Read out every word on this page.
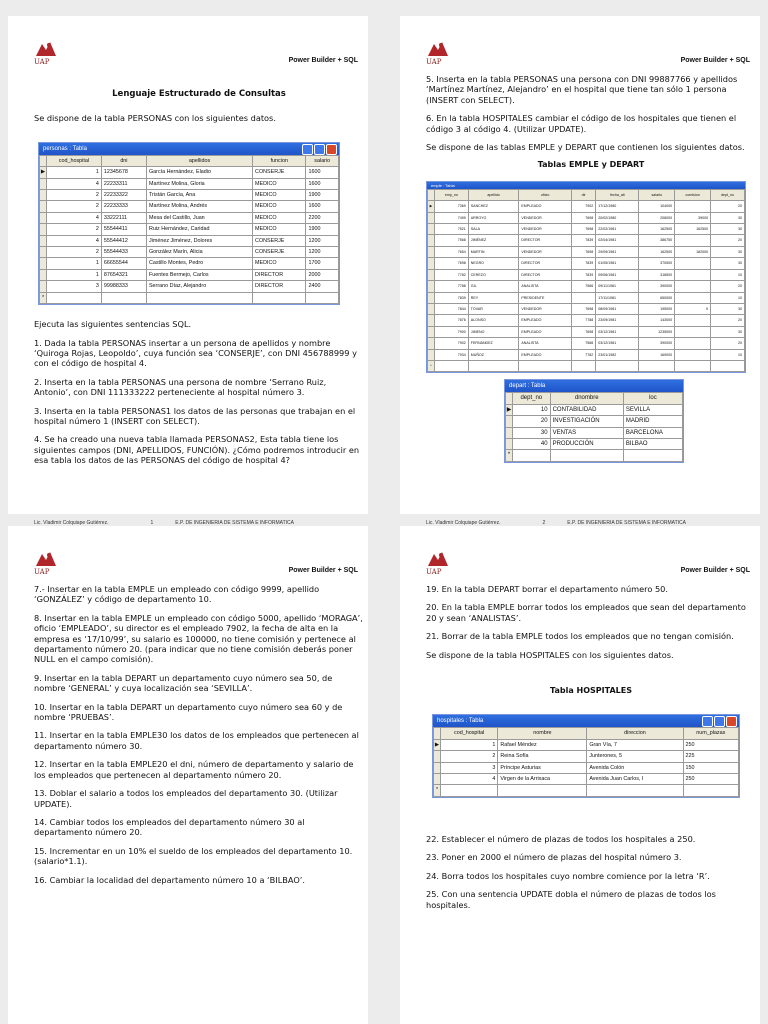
UAP	Power Builder + SQL
Lenguaje Estructurado de Consultas

Se dispone de la tabla PERSONAS con los siguientes datos.

personas : Tabla
	cod_hospital	dni	apellidos	funcion	salario
▶	1	12345678	García Hernández, Eladio	CONSERJE	1600
	4	22233311	Martínez Molina, Gloria	MEDICO	1600
	2	22233322	Tristán García, Ana	MEDICO	1900
	2	22233333	Martínez Molina, Andrés	MEDICO	1600
	4	33222111	Mesa del Castillo, Juan	MEDICO	2200
	2	55544411	Ruiz Hernández, Caridad	MEDICO	1900
	4	55544412	Jiménez Jiménez, Dolores	CONSERJE	1200
	2	55544433	González Marín, Alicia	CONSERJE	1200
	1	66655544	Castillo Montes, Pedro	MEDICO	1700
	1	87654321	Fuentes Bermejo, Carlos	DIRECTOR	2000
	3	99988333	Serrano Díaz, Alejandro	DIRECTOR	2400
*					

Ejecuta las siguientes sentencias SQL.

1. Dada la tabla PERSONAS insertar a un persona de apellidos y nombre ‘Quiroga Rojas, Leopoldo’, cuya función sea ‘CONSERJE’, con DNI 456788999 y con el código de hospital 4.

2. Inserta en la tabla PERSONAS una persona de nombre ‘Serrano Ruiz, Antonio’, con DNI 111333222 perteneciente al hospital número 3.

3. Inserta en la tabla PERSONAS1 los datos de las personas que trabajan en el hospital número 1 (INSERT con SELECT).

4. Se ha creado una nueva tabla llamada PERSONAS2, Esta tabla tiene los siguientes campos (DNI, APELLIDOS, FUNCIÓN). ¿Cómo podremos introducir en esa tabla los datos de las PERSONAS del código de hospital 4?

Lic. Vladimir Colquiape Gutiérrez.	1	E.P. DE INGENIERIA DE SISTEMA E INFORMATICA
UAP	Power Builder + SQL

5. Inserta en la tabla PERSONAS una persona con DNI 99887766 y apellidos ‘Martínez Martínez, Alejandro’ en el hospital que tiene tan sólo 1 persona (INSERT con SELECT).

6. En la tabla HOSPITALES cambiar el código de los hospitales que tienen el código 3 al código 4. (Utilizar UPDATE).

Se dispone de las tablas EMPLE y DEPART que contienen los siguientes datos.

Tablas EMPLE y DEPART
emple : Tabla
	emp_no	apellido	oficio	dir	fecha_alt	salario	comision	dept_no
▶	7369	SANCHEZ	EMPLEADO	7902	17/12/1980	104000		20
	7499	ARROYO	VENDEDOR	7698	20/02/1980	208000	39000	30
	7521	SALA	VENDEDOR	7698	22/02/1981	162500	162500	30
	7566	JIMÉNEZ	DIRECTOR	7839	02/04/1981	386750		20
	7654	MARTIN	VENDEDOR	7698	29/09/1981	162500	182000	30
	7698	NEGRO	DIRECTOR	7839	01/05/1981	370500		30
	7782	CEREZO	DIRECTOR	7839	09/06/1981	318500		10
	7788	GIL	ANALISTA	7566	09/11/1981	390000		20
	7839	REY	PRESIDENTE		17/11/1981	650000		10
	7844	TOVAR	VENDEDOR	7698	08/09/1981	195000	0	30
	7876	ALONSO	EMPLEADO	7788	23/09/1981	143000		20
	7900	JIMENO	EMPLEADO	7698	03/12/1981	1235000		30
	7902	FERNÁNDEZ	ANALISTA	7566	03/12/1981	390000		20
	7934	MUÑOZ	EMPLEADO	7782	23/01/1982	169000		10
*								
depart : Tabla
	dept_no	dnombre	loc
▶	10	CONTABILIDAD	SEVILLA
	20	INVESTIGACIÓN	MADRID
	30	VENTAS	BARCELONA
	40	PRODUCCIÓN	BILBAO
*			
Lic. Vladimir Colquiape Gutiérrez.	2	E.P. DE INGENIERIA DE SISTEMA E INFORMATICA
UAP	Power Builder + SQL

7.- Insertar en la tabla EMPLE un empleado con código 9999, apellido ‘GONZÁLEZ’ y código de departamento 10.

8. Insertar en la tabla EMPLE un empleado con código 5000, apellido ‘MORAGA’, oficio ‘EMPLEADO’, su director es el empleado 7902, la fecha de alta en la empresa es ‘17/10/99’, su salario es 100000, no tiene comisión y pertenece al departamento número 20. (para indicar que no tiene comisión deberás poner NULL en el campo comisión).

9. Insertar en la tabla DEPART un departamento cuyo número sea 50, de nombre ‘GENERAL’ y cuya localización sea ‘SEVILLA’.

10. Insertar en la tabla DEPART un departamento cuyo número sea 60 y de nombre ‘PRUEBAS’.

11. Insertar en la tabla EMPLE30 los datos de los empleados que pertenecen al departamento número 30.

12. Insertar en la tabla EMPLE20 el dni, número de departamento y salario de los empleados que pertenecen al departamento número 20.

13. Doblar el salario a todos los empleados del departamento 30. (Utilizar UPDATE).

14. Cambiar todos los empleados del departamento número 30 al departamento número 20.

15. Incrementar en un 10% el sueldo de los empleados del departamento 10. (salario*1.1).

16. Cambiar la localidad del departamento número 10 a ‘BILBAO’.

UAP	Power Builder + SQL

19. En la tabla DEPART borrar el departamento número 50.

20. En la tabla EMPLE borrar todos los empleados que sean del departamento 20 y sean ‘ANALISTAS’.

21. Borrar de la tabla EMPLE todos los empleados que no tengan comisión.

Se dispone de la tabla HOSPITALES con los siguientes datos.

Tabla HOSPITALES
hospitales : Tabla
	cod_hospital	nombre	direccion	num_plazas
▶	1	Rafael Méndez	Gran Vía, 7	250
	2	Reina Sofía	Junterones, 5	225
	3	Príncipe Asturias	Avenida Colón	150
	4	Virgen de la Arrixaca	Avenida Juan Carlos, I	250
*				

22. Establecer el número de plazas de todos los hospitales a 250.

23. Poner en 2000 el número de plazas del hospital número 3.

24. Borra todos los hospitales cuyo nombre comience por la letra ‘R’.

25. Con una sentencia UPDATE dobla el número de plazas de todos los hospitales.
